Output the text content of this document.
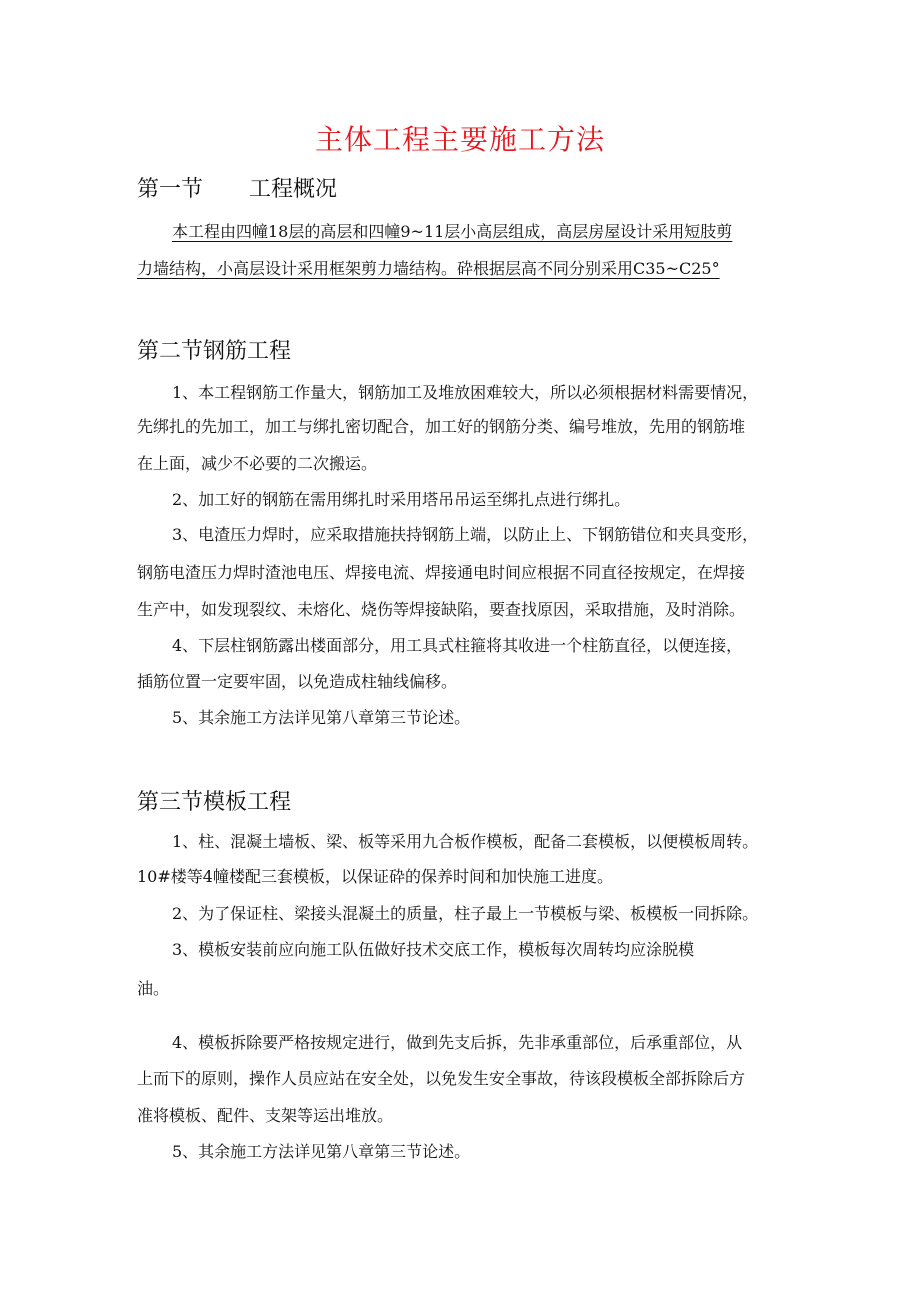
主体工程主要施工方法
第一节 工程概况
本工程由四幢18层的高层和四幢9~11层小高层组成，高层房屋设计采用短肢剪
力墙结构，小高层设计采用框架剪力墙结构。砕根据层高不同分别采用C35~C25°
第二节钢筋工程
1、本工程钢筋工作量大，钢筋加工及堆放困难较大，所以必须根据材料需要情况，
先绑扎的先加工，加工与绑扎密切配合，加工好的钢筋分类、编号堆放，先用的钢筋堆
在上面，减少不必要的二次搬运。
2、加工好的钢筋在需用绑扎时采用塔吊吊运至绑扎点进行绑扎。
3、电渣压力焊时，应采取措施扶持钢筋上端，以防止上、下钢筋错位和夹具变形，
钢筋电渣压力焊时渣池电压、焊接电流、焊接通电时间应根据不同直径按规定，在焊接
生产中，如发现裂纹、未熔化、烧伤等焊接缺陷，要查找原因，采取措施，及时消除。
4、下层柱钢筋露出楼面部分，用工具式柱箍将其收进一个柱筋直径，以便连接，
插筋位置一定要牢固，以免造成柱轴线偏移。
5、其余施工方法详见第八章第三节论述。
第三节模板工程
1、柱、混凝土墙板、梁、板等采用九合板作模板，配备二套模板，以便模板周转。
10#楼等4幢楼配三套模板，以保证砕的保养时间和加快施工进度。
2、为了保证柱、梁接头混凝土的质量，柱子最上一节模板与梁、板模板一同拆除。
3、模板安装前应向施工队伍做好技术交底工作，模板每次周转均应涂脱模
油。
4、模板拆除要严格按规定进行，做到先支后拆，先非承重部位，后承重部位，从
上而下的原则，操作人员应站在安全处，以免发生安全事故，待该段模板全部拆除后方
准将模板、配件、支架等运出堆放。
5、其余施工方法详见第八章第三节论述。
